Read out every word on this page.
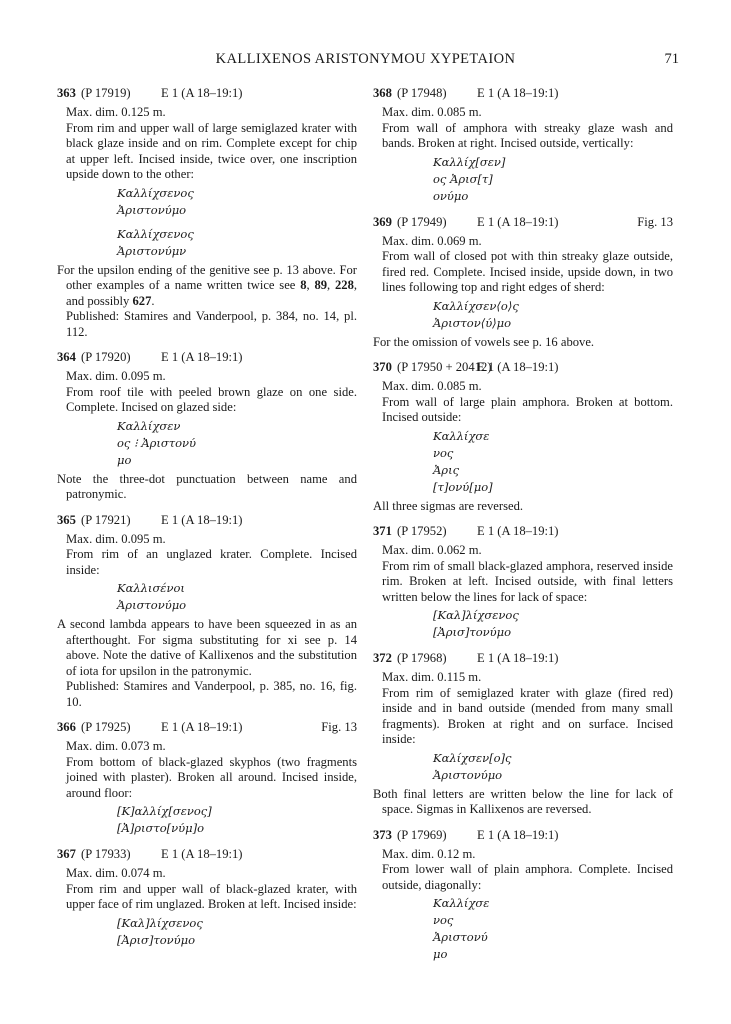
KALLIXENOS ARISTONYMOU XYPETAION	71
363 (P 17919) E 1 (A 18–19:1)
Max. dim. 0.125 m.
From rim and upper wall of large semiglazed krater with black glaze inside and on rim. Complete except for chip at upper left. Incised inside, twice over, one inscription upside down to the other:
Καλλίχσενος
Ἀριστονύμο
Καλλίχσενος
Ἀριστονύμν
For the upsilon ending of the genitive see p. 13 above. For other examples of a name written twice see 8, 89, 228, and possibly 627.
Published: Stamires and Vanderpool, p. 384, no. 14, pl. 112.
364 (P 17920) E 1 (A 18–19:1)
Max. dim. 0.095 m.
From roof tile with peeled brown glaze on one side. Complete. Incised on glazed side:
Καλλίχσεν
ος ⁝ Ἀριστονύ
μο
Note the three-dot punctuation between name and patronymic.
365 (P 17921) E 1 (A 18–19:1)
Max. dim. 0.095 m.
From rim of an unglazed krater. Complete. Incised inside:
Καλλισένοι
Ἀριστονύμο
A second lambda appears to have been squeezed in as an afterthought. For sigma substituting for xi see p. 14 above. Note the dative of Kallixenos and the substitution of iota for upsilon in the patronymic.
Published: Stamires and Vanderpool, p. 385, no. 16, fig. 10.
366 (P 17925) E 1 (A 18–19:1)	Fig. 13
Max. dim. 0.073 m.
From bottom of black-glazed skyphos (two fragments joined with plaster). Broken all around. Incised inside, around floor:
[K]αλλίχ[σενος]
[Ἀ]ριστο[νύμ]ο
367 (P 17933) E 1 (A 18–19:1)
Max. dim. 0.074 m.
From rim and upper wall of black-glazed krater, with upper face of rim unglazed. Broken at left. Incised inside:
[Καλ]λίχσενος
[Ἀρισ]τονύμο
368 (P 17948) E 1 (A 18–19:1)
Max. dim. 0.085 m.
From wall of amphora with streaky glaze wash and bands. Broken at right. Incised outside, vertically:
Καλλίχ[σεν]
ος Ἀρισ[τ]
ονύμο
369 (P 17949) E 1 (A 18–19:1)	Fig. 13
Max. dim. 0.069 m.
From wall of closed pot with thin streaky glaze outside, fired red. Complete. Incised inside, upside down, in two lines following top and right edges of sherd:
Καλλίχσεν⟨ο⟩ς
Ἀριστον⟨ύ⟩μο
For the omission of vowels see p. 16 above.
370 (P 17950 + 20412)
E 1 (A 18–19:1)
Max. dim. 0.085 m.
From wall of large plain amphora. Broken at bottom. Incised outside:
Καλλίχσε
νος
Ἀρις
[τ]ονύ[μο]
All three sigmas are reversed.
371 (P 17952) E 1 (A 18–19:1)
Max. dim. 0.062 m.
From rim of small black-glazed amphora, reserved inside rim. Broken at left. Incised outside, with final letters written below the lines for lack of space:
[Καλ]λίχσενος
[Ἀρισ]τονύμο
372 (P 17968) E 1 (A 18–19:1)
Max. dim. 0.115 m.
From rim of semiglazed krater with glaze (fired red) inside and in band outside (mended from many small fragments). Broken at right and on surface. Incised inside:
Καλίχσεν[ο]ς
Ἀριστονύμο
Both final letters are written below the line for lack of space. Sigmas in Kallixenos are reversed.
373 (P 17969) E 1 (A 18–19:1)
Max. dim. 0.12 m.
From lower wall of plain amphora. Complete. Incised outside, diagonally:
Καλλίχσε
νος
Ἀριστονύ
μο
